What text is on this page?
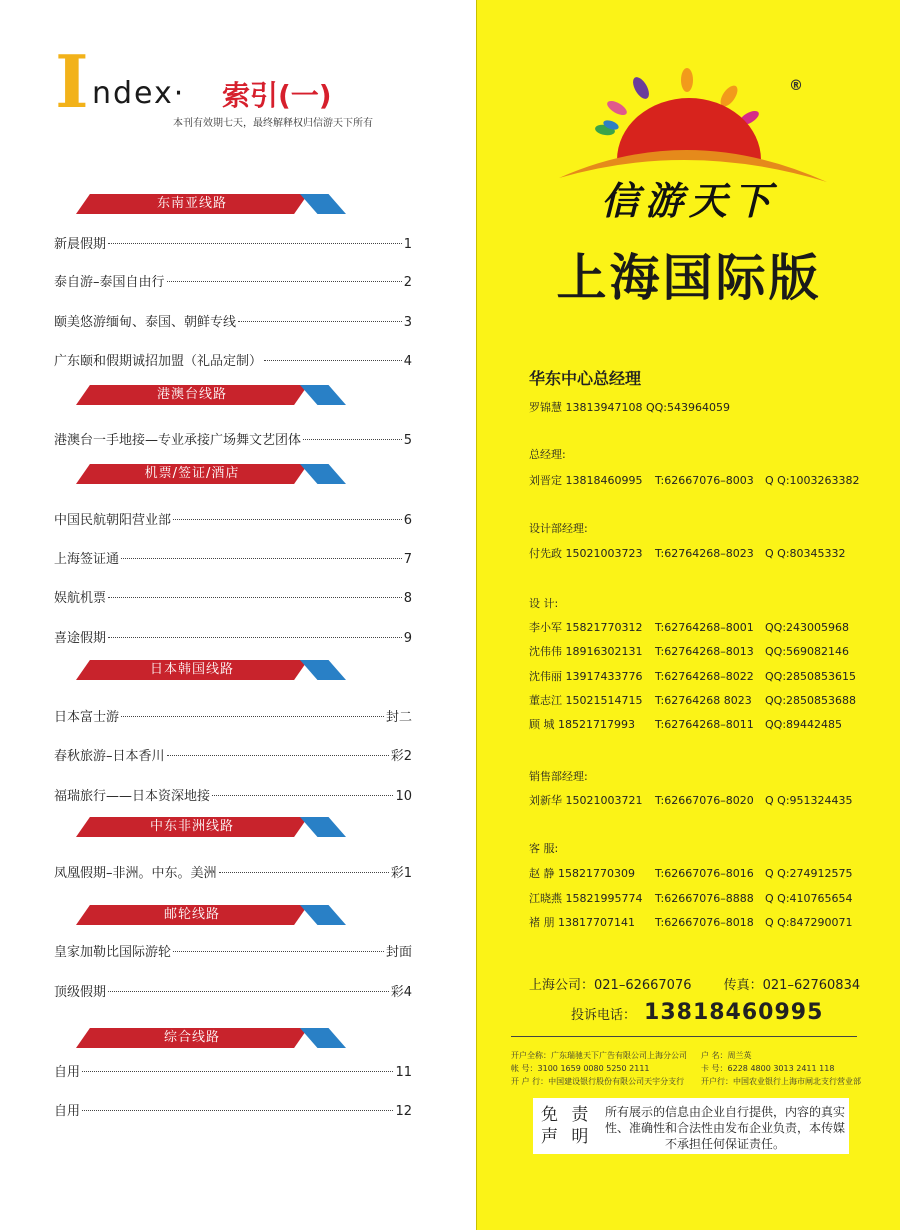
I ndex· 索引(一)
本刊有效期七天，最终解释权归信游天下所有
东南亚线路
新晨假期	1
泰自游–泰国自由行	2
颐美悠游缅甸、泰国、朝鲜专线	3
广东颐和假期诚招加盟（礼品定制）	4
港澳台线路
港澳台一手地接—专业承接广场舞文艺团体	5
机票/签证/酒店
中国民航朝阳营业部	6
上海签证通	7
娱航机票	8
喜途假期	9
日本韩国线路
日本富士游	封二
春秋旅游–日本香川	彩2
福瑞旅行——日本资深地接	10
中东非洲线路
凤凰假期–非洲。中东。美洲	彩1
邮轮线路
皇家加勒比国际游轮	封面
顶级假期	彩4
综合线路
自用	11
自用	12
®
信游天下
上海国际版
华东中心总经理
罗锦慧 13813947108 QQ:543964059
总经理:
刘晋定 13818460995 T:62667076–8003 Q Q:1003263382
设计部经理:
付先政 15021003723 T:62764268–8023 Q Q:80345332
设 计:
李小军 15821770312 T:62764268–8001 QQ:243005968
沈伟伟 18916302131 T:62764268–8013 QQ:569082146
沈伟丽 13917433776 T:62764268–8022 QQ:2850853615
董志江 15021514715 T:62764268 8023 QQ:2850853688
顾 城 18521717993 T:62764268–8011 QQ:89442485
销售部经理:
刘新华 15021003721 T:62667076–8020 Q Q:951324435
客 服:
赵 静 15821770309 T:62667076–8016 Q Q:274912575
江晓燕 15821995774 T:62667076–8888 Q Q:410765654
褚 朋 13817707141 T:62667076–8018 Q Q:847290071
上海公司：021–62667076 传真：021–62760834
投诉电话： 13818460995
开户全称：广东瑞驰天下广告有限公司上海分公司 户 名：周兰英
帐 号：3100 1659 0080 5250 2111	卡 号：6228 4800 3013 2411 118
开 户 行：中国建设银行股份有限公司天宇分支行 开户行：中国农业银行上海市闸北支行营业部
免 责 声 明
所有展示的信息由企业自行提供，内容的真实性、准确性和合法性由发布企业负责，本传媒不承担任何保证责任。
